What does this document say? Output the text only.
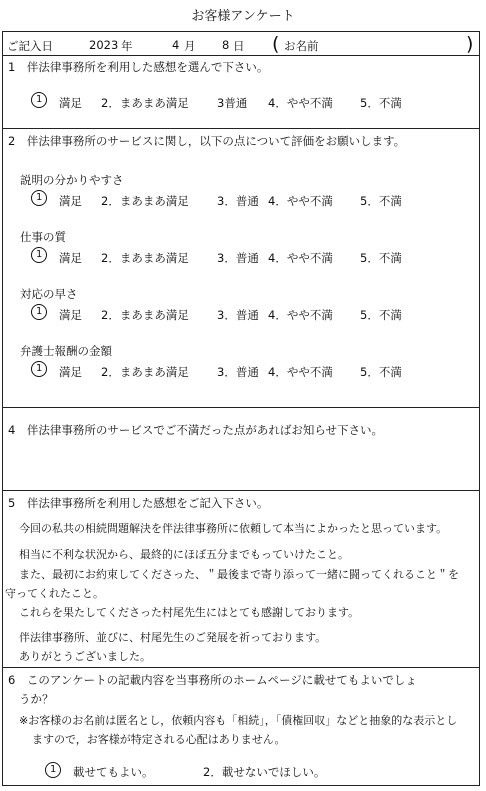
お客様アンケート
ご記入日	2023 年	4 月 8 日 ( お名前	)
1　伴法律事務所を利用した感想を選んで下さい。
1 満足 2．まあまあ満足 3普通 4．やや不満 5．不満
2　伴法律事務所のサービスに関し，以下の点について評価をお願いします。
説明の分かりやすさ
1 満足 2．まあまあ満足 3．普通 4．やや不満 5．不満
仕事の質
1 満足 2．まあまあ満足 3．普通 4．やや不満 5．不満
対応の早さ
1 満足 2．まあまあ満足 3．普通 4．やや不満 5．不満
弁護士報酬の金額
1 満足 2．まあまあ満足 3．普通 4．やや不満 5．不満
4　伴法律事務所のサービスでご不満だった点があればお知らせ下さい。
5　伴法律事務所を利用した感想をご記入下さい。
今回の私共の相続問題解決を伴法律事務所に依頼して本当によかったと思っています。
相当に不利な状況から、最終的にほぼ五分までもっていけたこと。
また、最初にお約束してくださった、＂最後まで寄り添って一緒に闘ってくれること＂を
守ってくれたこと。
これらを果たしてくださった村尾先生にはとても感謝しております。
伴法律事務所、並びに、村尾先生のご発展を祈っております。
ありがとうございました。
6　このアンケートの記載内容を当事務所のホームページに載せてもよいでしょ
うか？
※お客様のお名前は匿名とし，依頼内容も「相続」，「債権回収」などと抽象的な表示とし
ますので，お客様が特定される心配はありません。
1 載せてもよい。	2．載せないでほしい。
